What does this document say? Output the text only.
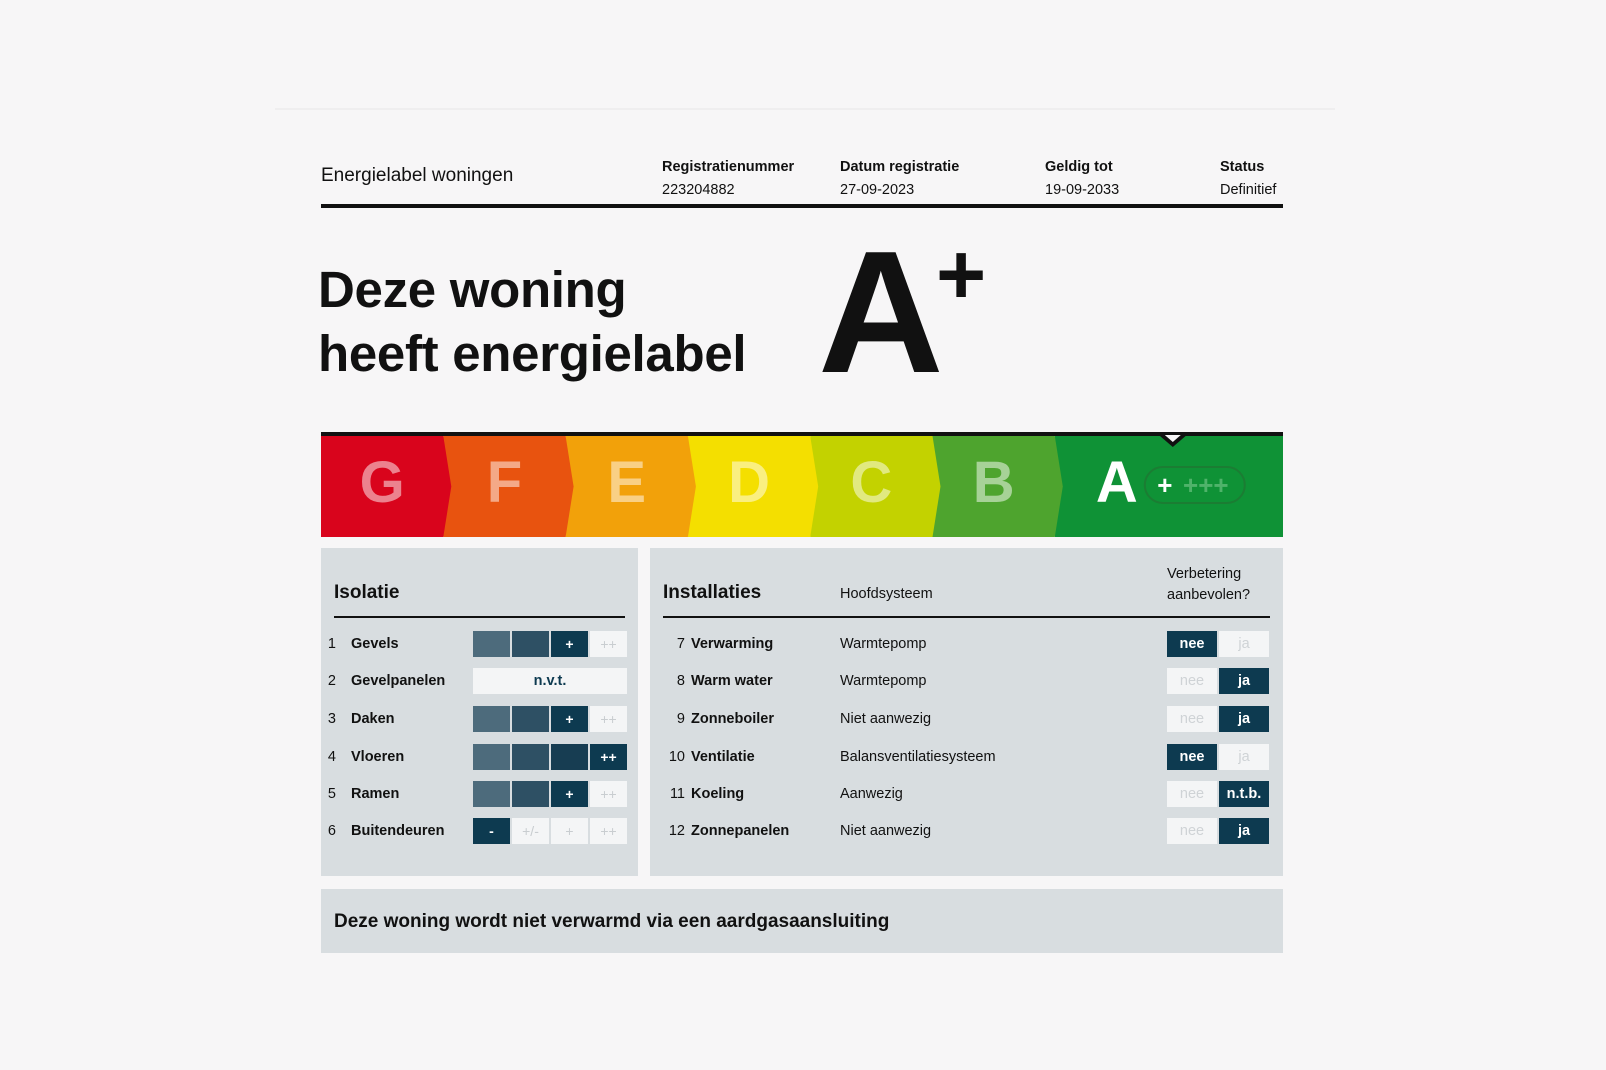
Energielabel woningen	Registratienummer
223204882
Datum registratie
27-09-2023
Geldig tot
19-09-2033
Status
Definitief
Deze woning
heeft energielabel A
+
G F E D C B A + +++
Isolatie
1 Gevels	+	++
2 Gevelpanelen	n.v.t.
3 Daken	+	++
4 Vloeren	++
5 Ramen	+	++
6 Buitendeuren	-	+/-	+	++
Installaties	Hoofdsysteem
Verbetering
aanbevolen?
7 Verwarming	Warmtepomp	nee	ja
8 Warm water	Warmtepomp	nee	ja
9 Zonneboiler	Niet aanwezig	nee	ja
10 Ventilatie	Balansventilatiesysteem	nee	ja
11 Koeling	Aanwezig	nee	n.t.b.
12 Zonnepanelen	Niet aanwezig	nee	ja
Deze woning wordt niet verwarmd via een aardgasaansluiting
